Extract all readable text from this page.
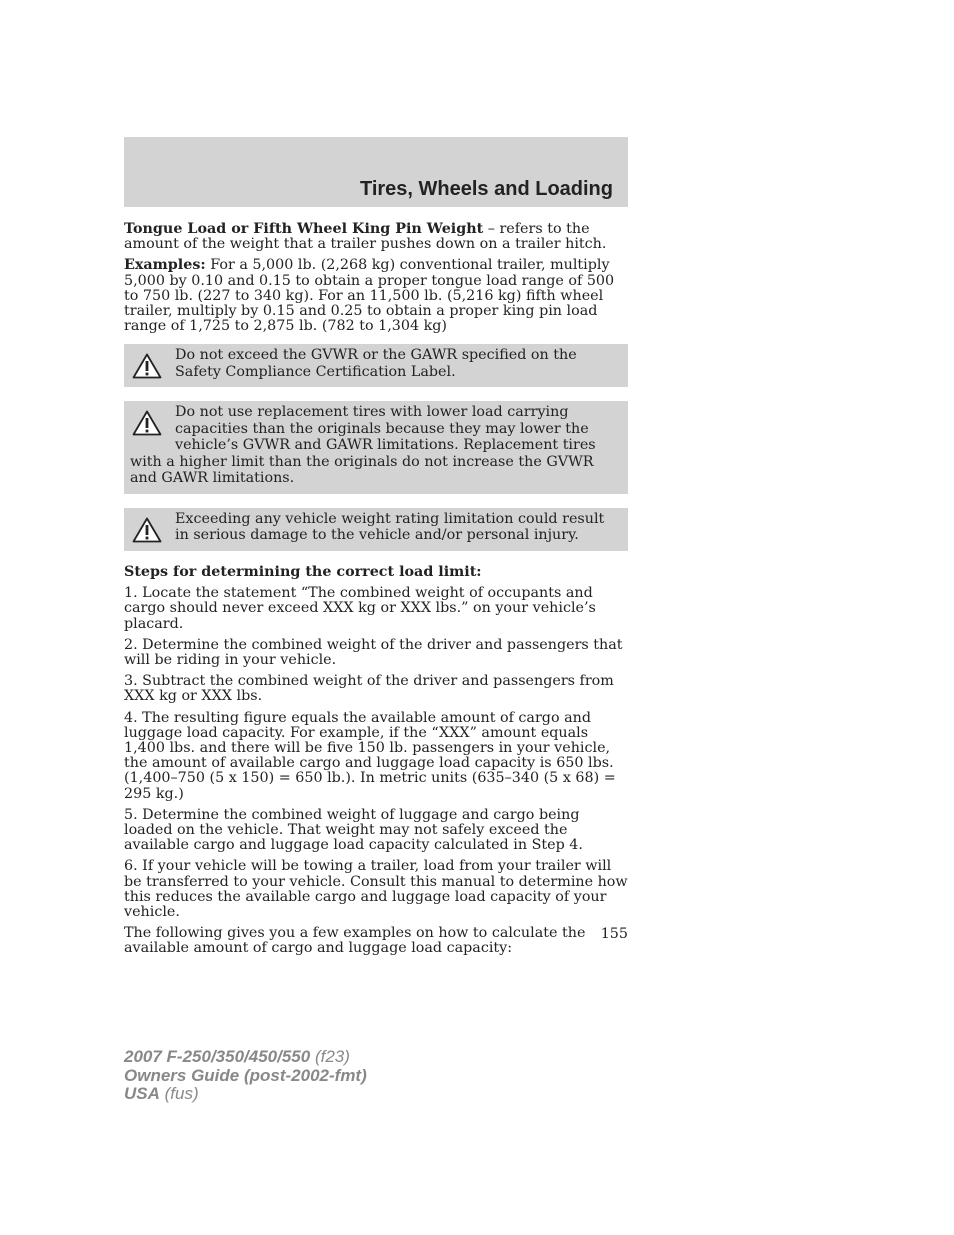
Tires, Wheels and Loading

Tongue Load or Fifth Wheel King Pin Weight – refers to the amount of the weight that a trailer pushes down on a trailer hitch.

Examples: For a 5,000 lb. (2,268 kg) conventional trailer, multiply 5,000 by 0.10 and 0.15 to obtain a proper tongue load range of 500 to 750 lb. (227 to 340 kg). For an 11,500 lb. (5,216 kg) fifth wheel trailer, multiply by 0.15 and 0.25 to obtain a proper king pin load range of 1,725 to 2,875 lb. (782 to 1,304 kg)

Do not exceed the GVWR or the GAWR specified on the Safety Compliance Certification Label.
Do not use replacement tires with lower load carrying capacities than the originals because they may lower the vehicle’s GVWR and GAWR limitations. Replacement tires with a higher limit than the originals do not increase the GVWR and GAWR limitations.
Exceeding any vehicle weight rating limitation could result in serious damage to the vehicle and/or personal injury.

Steps for determining the correct load limit:

1. Locate the statement “The combined weight of occupants and cargo should never exceed XXX kg or XXX lbs.” on your vehicle’s placard.

2. Determine the combined weight of the driver and passengers that will be riding in your vehicle.

3. Subtract the combined weight of the driver and passengers from XXX kg or XXX lbs.

4. The resulting figure equals the available amount of cargo and luggage load capacity. For example, if the “XXX” amount equals 1,400 lbs. and there will be five 150 lb. passengers in your vehicle, the amount of available cargo and luggage load capacity is 650 lbs. (1,400–750 (5 x 150) = 650 lb.). In metric units (635–340 (5 x 68) = 295 kg.)

5. Determine the combined weight of luggage and cargo being loaded on the vehicle. That weight may not safely exceed the available cargo and luggage load capacity calculated in Step 4.

6. If your vehicle will be towing a trailer, load from your trailer will be transferred to your vehicle. Consult this manual to determine how this reduces the available cargo and luggage load capacity of your vehicle.

The following gives you a few examples on how to calculate the available amount of cargo and luggage load capacity:

155
2007 F-250/350/450/550 (f23)
Owners Guide (post-2002-fmt)
USA (fus)
